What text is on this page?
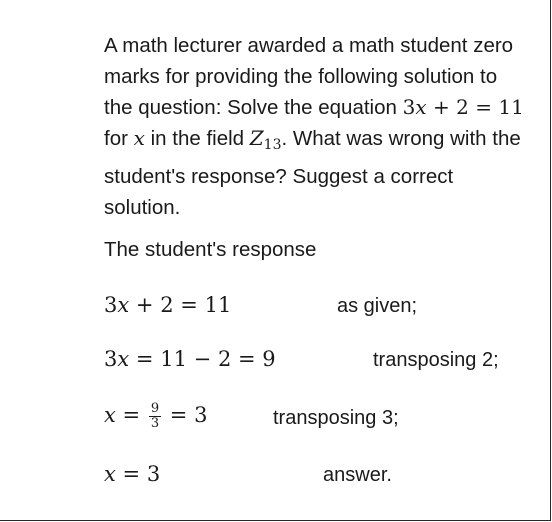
A math lecturer awarded a math student zero marks for providing the following solution to the question: Solve the equation 3x + 2 = 11 for x in the field $Z_{13}$. What was wrong with the student's response? Suggest a correct solution.

The student's response

3x + 2 = 11	as given;
3x = 11 − 2 = 9	transposing 2;
$x = \frac{9}{3} = 3$	transposing 3;
x = 3	answer.
